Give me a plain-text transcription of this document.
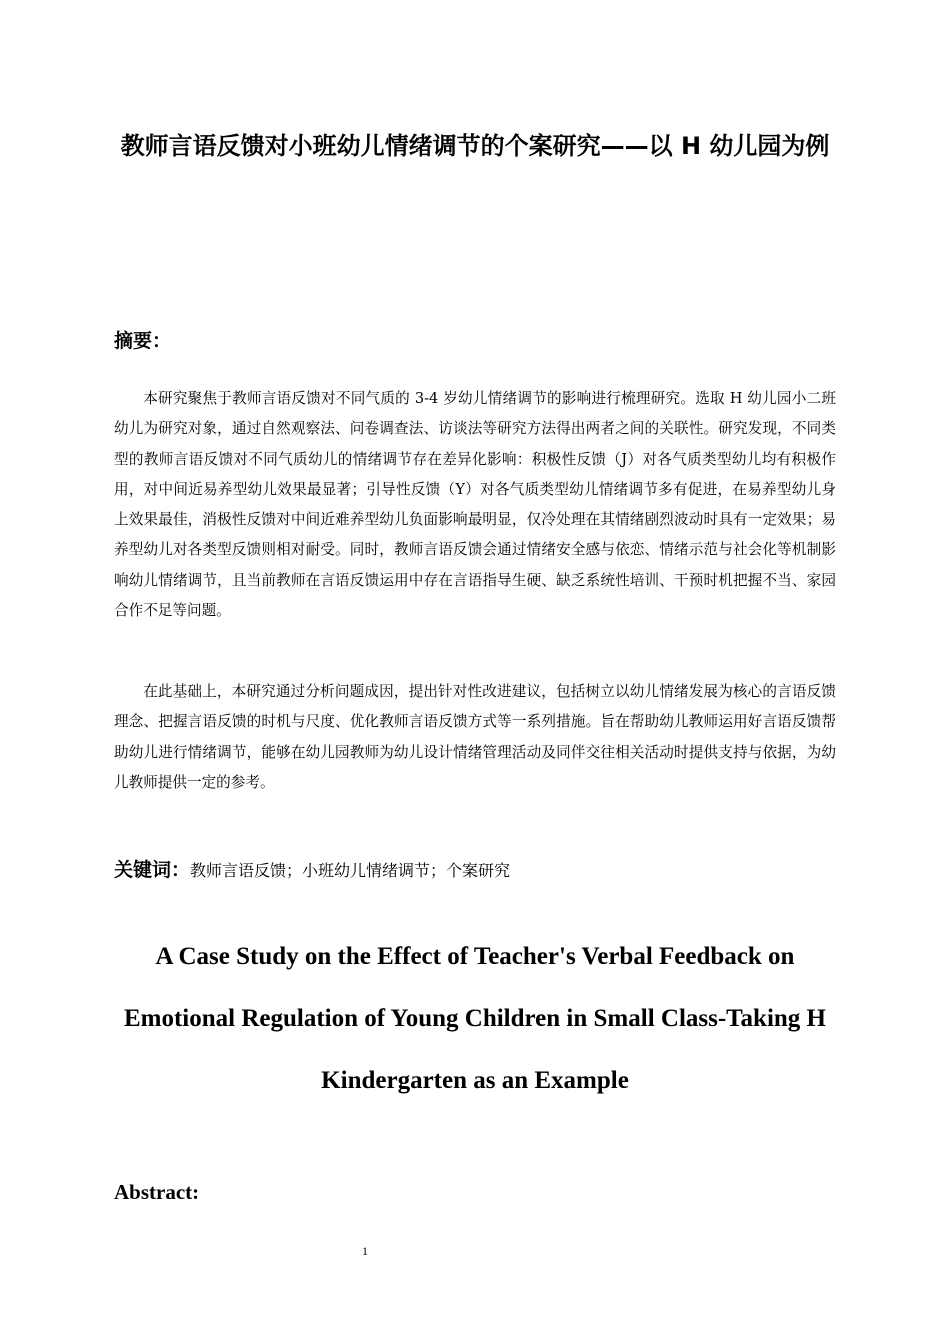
教师言语反馈对小班幼儿情绪调节的个案研究——以 H 幼儿园为例
摘要：

本研究聚焦于教师言语反馈对不同气质的 3-4 岁幼儿情绪调节的影响进行梳理研究。选取 H 幼儿园小二班幼儿为研究对象，通过自然观察法、问卷调查法、访谈法等研究方法得出两者之间的关联性。研究发现，不同类型的教师言语反馈对不同气质幼儿的情绪调节存在差异化影响：积极性反馈（J）对各气质类型幼儿均有积极作用，对中间近易养型幼儿效果最显著；引导性反馈（Y）对各气质类型幼儿情绪调节多有促进，在易养型幼儿身上效果最佳，消极性反馈对中间近难养型幼儿负面影响最明显，仅冷处理在其情绪剧烈波动时具有一定效果；易养型幼儿对各类型反馈则相对耐受。同时，教师言语反馈会通过情绪安全感与依恋、情绪示范与社会化等机制影响幼儿情绪调节，且当前教师在言语反馈运用中存在言语指导生硬、缺乏系统性培训、干预时机把握不当、家园合作不足等问题。

在此基础上，本研究通过分析问题成因，提出针对性改进建议，包括树立以幼儿情绪发展为核心的言语反馈理念、把握言语反馈的时机与尺度、优化教师言语反馈方式等一系列措施。旨在帮助幼儿教师运用好言语反馈帮助幼儿进行情绪调节，能够在幼儿园教师为幼儿设计情绪管理活动及同伴交往相关活动时提供支持与依据，为幼儿教师提供一定的参考。

关键词：教师言语反馈；小班幼儿情绪调节；个案研究

A Case Study on the Effect of Teacher's Verbal Feedback on Emotional Regulation of Young Children in Small Class-Taking H Kindergarten as an Example
Abstract:
1
